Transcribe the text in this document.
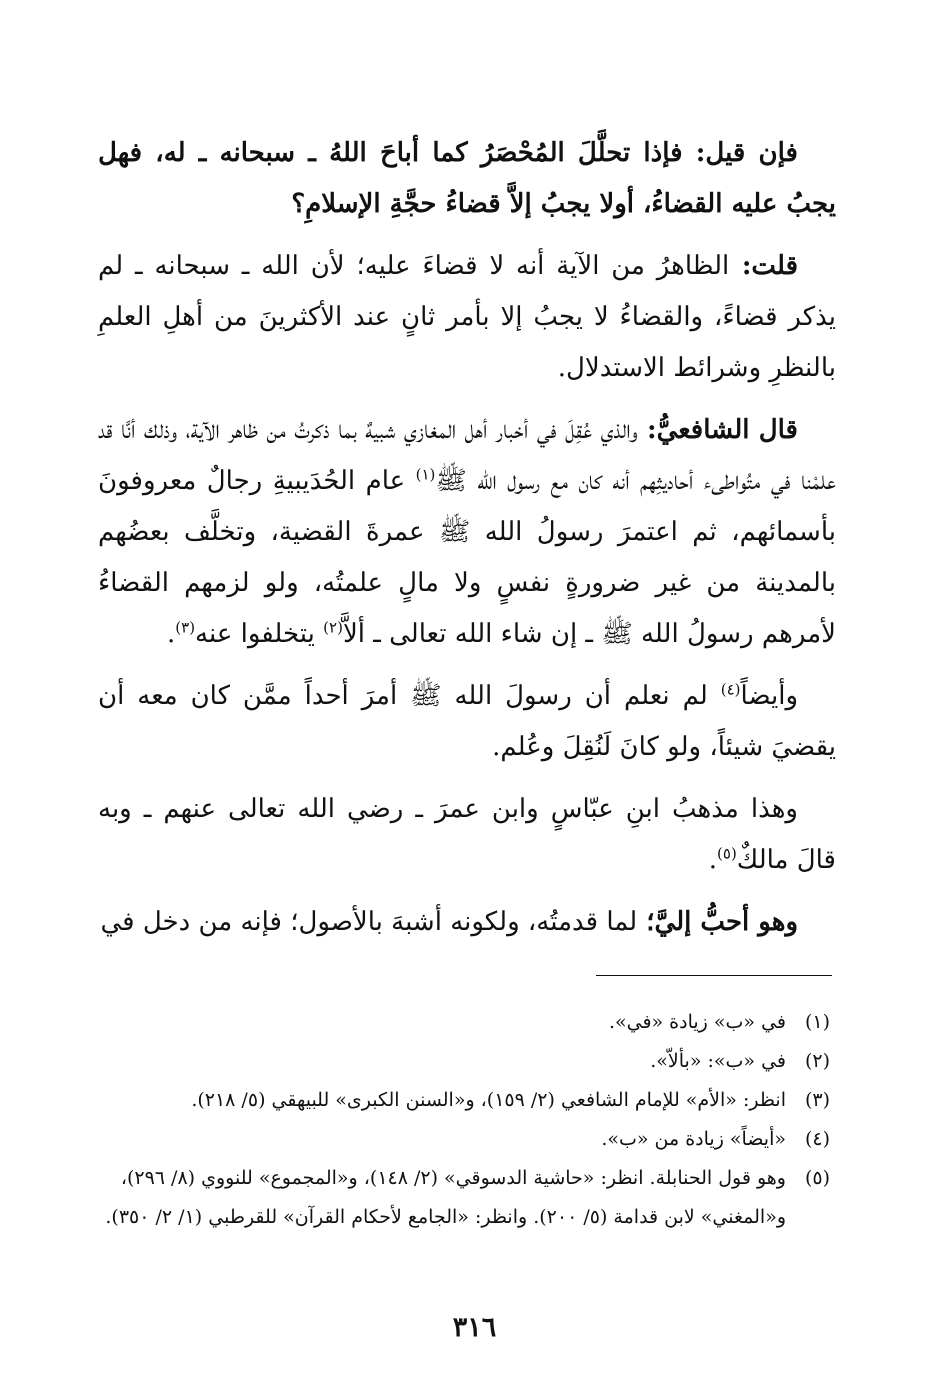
فإن قيل: فإذا تحلَّلَ المُحْصَرُ كما أباحَ اللهُ ـ سبحانه ـ له، فهل يجبُ عليه القضاءُ، أولا يجبُ إلاَّ قضاءُ حجَّةِ الإسلامِ؟

قلت: الظاهرُ من الآية أنه لا قضاءَ عليه؛ لأن الله ـ سبحانه ـ لم يذكر قضاءً، والقضاءُ لا يجبُ إلا بأمر ثانٍ عند الأكثرينَ من أهلِ العلمِ بالنظرِ وشرائط الاستدلال.

قال الشافعيُّ: والذي عُقِلَ في أخبار أهل المغازي شبيهٌ بما ذكرتُ من ظاهر الآية، وذلك أنَّا قد علمْنا في متُواطىء أحاديثِهم أنه كان مع رسول الله ﷺ$^{(١)}$ عام الحُدَيبيةِ رجالٌ معروفونَ بأسمائهم، ثم اعتمرَ رسولُ الله ﷺ عمرةَ القضية، وتخلَّف بعضُهم بالمدينة من غير ضرورةٍ نفسٍ ولا مالٍ علمتُه، ولو لزمهم القضاءُ لأمرهم رسولُ الله ﷺ ـ إن شاء الله تعالى ـ ألاَّ$^{(٢)}$ يتخلفوا عنه$^{(٣)}$.

وأيضاً$^{(٤)}$ لم نعلم أن رسولَ الله ﷺ أمرَ أحداً ممَّن كان معه أن يقضيَ شيئاً، ولو كانَ لَنُقِلَ وعُلم.

وهذا مذهبُ ابنِ عبّاسٍ وابن عمرَ ـ رضي الله تعالى عنهم ـ وبه قالَ مالكٌ$^{(٥)}$.

وهو أحبُّ إليَّ؛ لما قدمتُه، ولكونه أشبهَ بالأصول؛ فإنه من دخل في

(١)
في «ب» زيادة «في».
(٢)
في «ب»: «بألاّ».
(٣)
انظر: «الأم» للإمام الشافعي (٢/ ١٥٩)، و«السنن الكبرى» للبيهقي (٥/ ٢١٨).
(٤)
«أيضاً» زيادة من «ب».
(٥)
وهو قول الحنابلة. انظر: «حاشية الدسوقي» (٢/ ١٤٨)، و«المجموع» للنووي (٨/ ٢٩٦)، و«المغني» لابن قدامة (٥/ ٢٠٠). وانظر: «الجامع لأحكام القرآن» للقرطبي (١/ ٢/ ٣٥٠).
٣١٦
